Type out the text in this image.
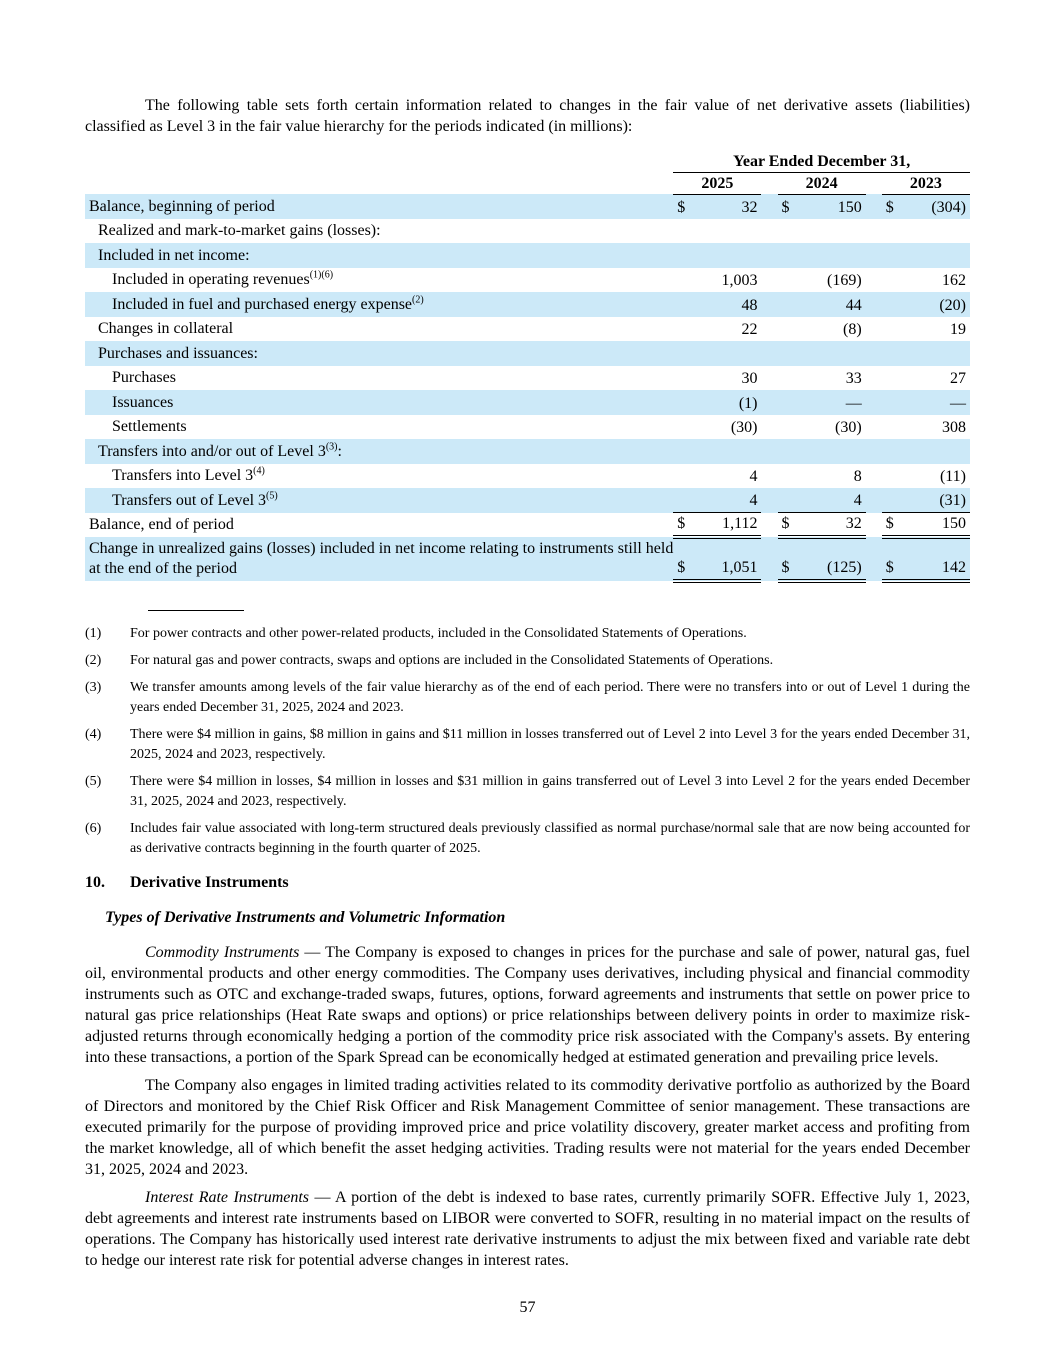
The following table sets forth certain information related to changes in the fair value of net derivative assets (liabilities) classified as Level 3 in the fair value hierarchy for the periods indicated (in millions):

	Year Ended December 31,							
	2025			2024			2023	
Balance, beginning of period	$	32		$	150		$	(304)
Realized and mark-to-market gains (losses):								
Included in net income:								
Included in operating revenues$^{(1)(6)}$		1,003			(169)			162
Included in fuel and purchased energy expense$^{(2)}$		48			44			(20)
Changes in collateral		22			(8)			19
Purchases and issuances:								
Purchases		30			33			27
Issuances		(1)			—			—
Settlements		(30)			(30)			308
Transfers into and/or out of Level 3$^{(3)}$:								
Transfers into Level 3$^{(4)}$		4			8			(11)
Transfers out of Level 3$^{(5)}$		4			4			(31)
Balance, end of period	$	1,112		$	32		$	150
Change in unrealized gains (losses) included in net income relating to instruments still held at the end of the period	$	1,051		$	(125)		$	142
(1)	For power contracts and other power-related products, included in the Consolidated Statements of Operations.
(2)	For natural gas and power contracts, swaps and options are included in the Consolidated Statements of Operations.
(3)	We transfer amounts among levels of the fair value hierarchy as of the end of each period. There were no transfers into or out of Level 1 during the years ended December 31, 2025, 2024 and 2023.
(4)	There were $4 million in gains, $8 million in gains and $11 million in losses transferred out of Level 2 into Level 3 for the years ended December 31, 2025, 2024 and 2023, respectively.
(5)	There were $4 million in losses, $4 million in losses and $31 million in gains transferred out of Level 3 into Level 2 for the years ended December 31, 2025, 2024 and 2023, respectively.
(6)	Includes fair value associated with long-term structured deals previously classified as normal purchase/normal sale that are now being accounted for as derivative contracts beginning in the fourth quarter of 2025.
10.	Derivative Instruments
Types of Derivative Instruments and Volumetric Information

Commodity Instruments — The Company is exposed to changes in prices for the purchase and sale of power, natural gas, fuel oil, environmental products and other energy commodities. The Company uses derivatives, including physical and financial commodity instruments such as OTC and exchange-traded swaps, futures, options, forward agreements and instruments that settle on power price to natural gas price relationships (Heat Rate swaps and options) or price relationships between delivery points in order to maximize risk-adjusted returns through economically hedging a portion of the commodity price risk associated with the Company's assets. By entering into these transactions, a portion of the Spark Spread can be economically hedged at estimated generation and prevailing price levels.

The Company also engages in limited trading activities related to its commodity derivative portfolio as authorized by the Board of Directors and monitored by the Chief Risk Officer and Risk Management Committee of senior management. These transactions are executed primarily for the purpose of providing improved price and price volatility discovery, greater market access and profiting from the market knowledge, all of which benefit the asset hedging activities. Trading results were not material for the years ended December 31, 2025, 2024 and 2023.

Interest Rate Instruments — A portion of the debt is indexed to base rates, currently primarily SOFR. Effective July 1, 2023, debt agreements and interest rate instruments based on LIBOR were converted to SOFR, resulting in no material impact on the results of operations. The Company has historically used interest rate derivative instruments to adjust the mix between fixed and variable rate debt to hedge our interest rate risk for potential adverse changes in interest rates.

57
